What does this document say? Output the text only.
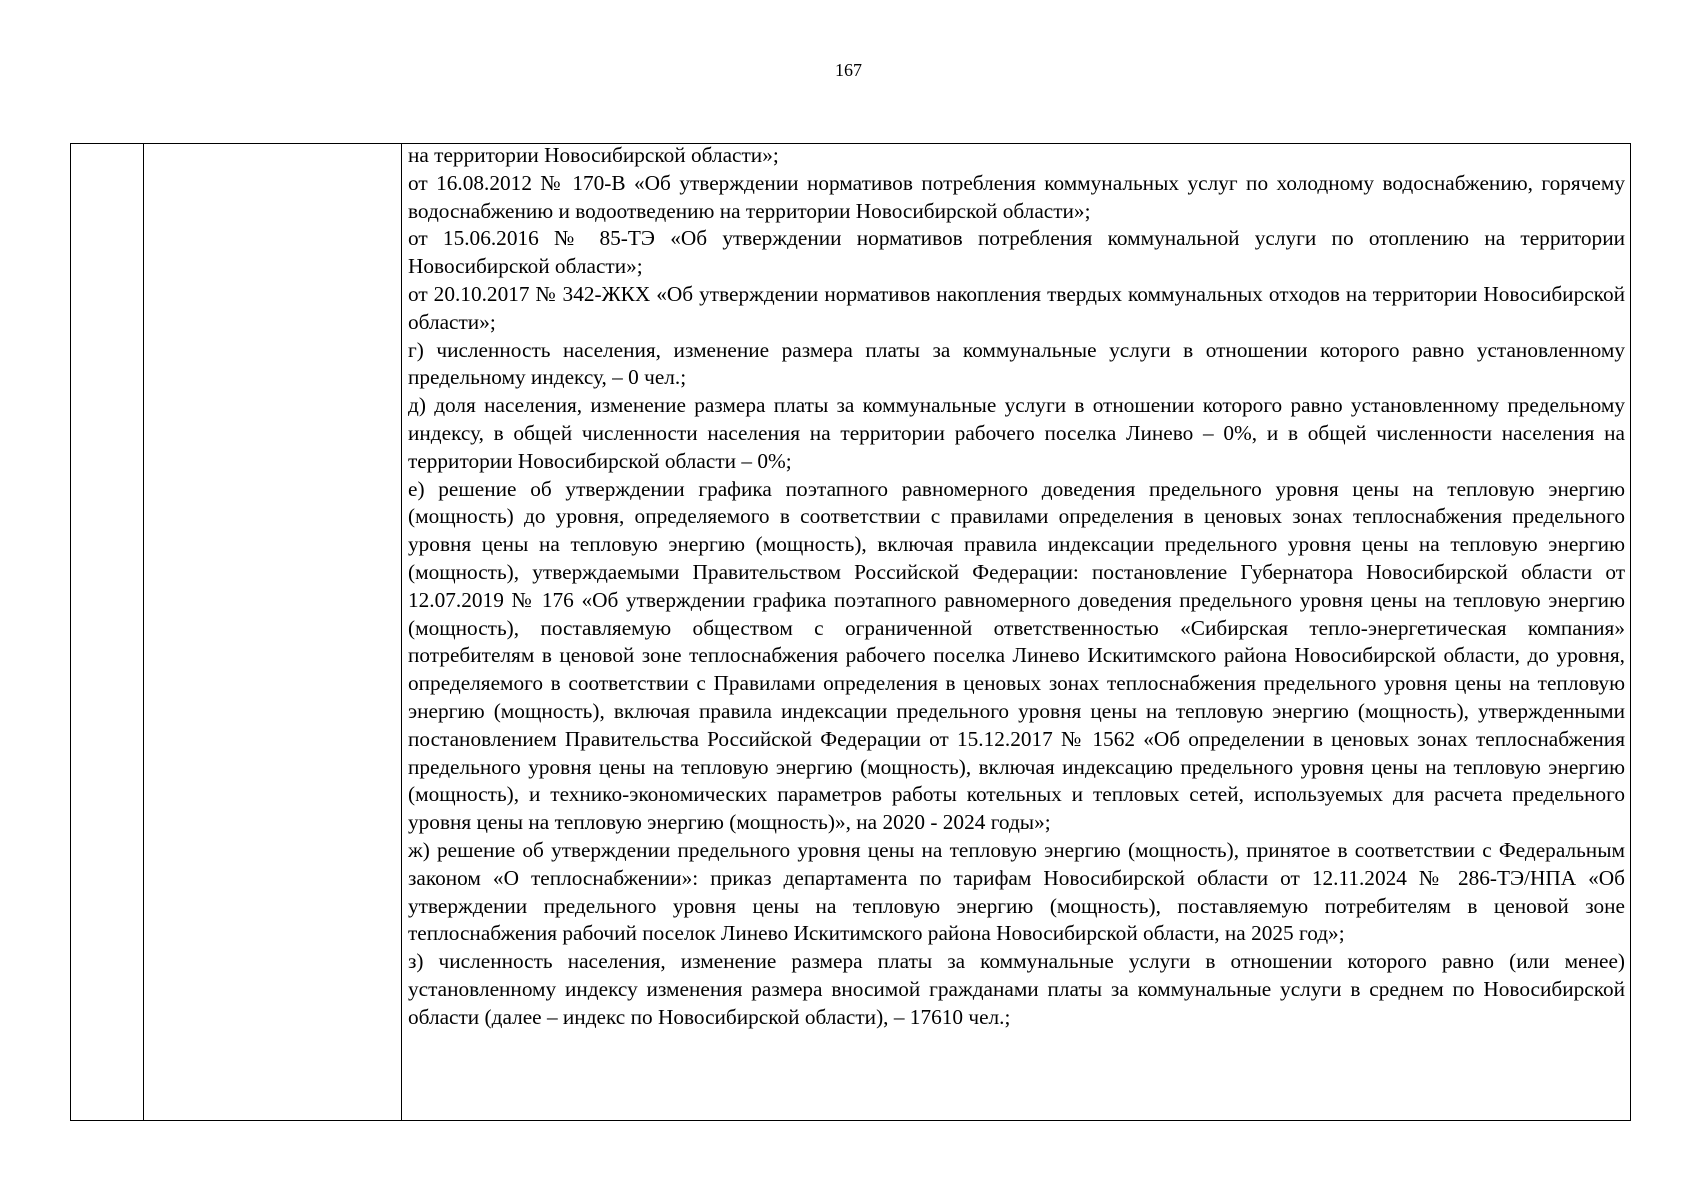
167

на территории Новосибирской области»;

от 16.08.2012 № 170-В «Об утверждении нормативов потребления коммунальных услуг по холодному водоснабжению, горячему водоснабжению и водоотведению на территории Новосибирской области»;

от 15.06.2016 № 85-ТЭ «Об утверждении нормативов потребления коммунальной услуги по отоплению на территории Новосибирской области»;

от 20.10.2017 № 342-ЖКХ «Об утверждении нормативов накопления твердых коммунальных отходов на территории Новосибирской области»;

г) численность населения, изменение размера платы за коммунальные услуги в отношении которого равно установленному предельному индексу, – 0 чел.;

д) доля населения, изменение размера платы за коммунальные услуги в отношении которого равно установленному предельному индексу, в общей численности населения на территории рабочего поселка Линево – 0%, и в общей численности населения на территории Новосибирской области – 0%;

е) решение об утверждении графика поэтапного равномерного доведения предельного уровня цены на тепловую энергию (мощность) до уровня, определяемого в соответствии с правилами определения в ценовых зонах теплоснабжения предельного уровня цены на тепловую энергию (мощность), включая правила индексации предельного уровня цены на тепловую энергию (мощность), утверждаемыми Правительством Российской Федерации: постановление Губернатора Новосибирской области от 12.07.2019 № 176 «Об утверждении графика поэтапного равномерного доведения предельного уровня цены на тепловую энергию (мощность), поставляемую обществом с ограниченной ответственностью «Сибирская тепло-энергетическая компания» потребителям в ценовой зоне теплоснабжения рабочего поселка Линево Искитимского района Новосибирской области, до уровня, определяемого в соответствии с Правилами определения в ценовых зонах теплоснабжения предельного уровня цены на тепловую энергию (мощность), включая правила индексации предельного уровня цены на тепловую энергию (мощность), утвержденными постановлением Правительства Российской Федерации от 15.12.2017 № 1562 «Об определении в ценовых зонах теплоснабжения предельного уровня цены на тепловую энергию (мощность), включая индексацию предельного уровня цены на тепловую энергию (мощность), и технико-экономических параметров работы котельных и тепловых сетей, используемых для расчета предельного уровня цены на тепловую энергию (мощность)», на 2020 - 2024 годы»;

ж) решение об утверждении предельного уровня цены на тепловую энергию (мощность), принятое в соответствии с Федеральным законом «О теплоснабжении»: приказ департамента по тарифам Новосибирской области от 12.11.2024 № 286-ТЭ/НПА «Об утверждении предельного уровня цены на тепловую энергию (мощность), поставляемую потребителям в ценовой зоне теплоснабжения рабочий поселок Линево Искитимского района Новосибирской области, на 2025 год»;

з) численность населения, изменение размера платы за коммунальные услуги в отношении которого равно (или менее) установленному индексу изменения размера вносимой гражданами платы за коммунальные услуги в среднем по Новосибирской области (далее – индекс по Новосибирской области), – 17610 чел.;
